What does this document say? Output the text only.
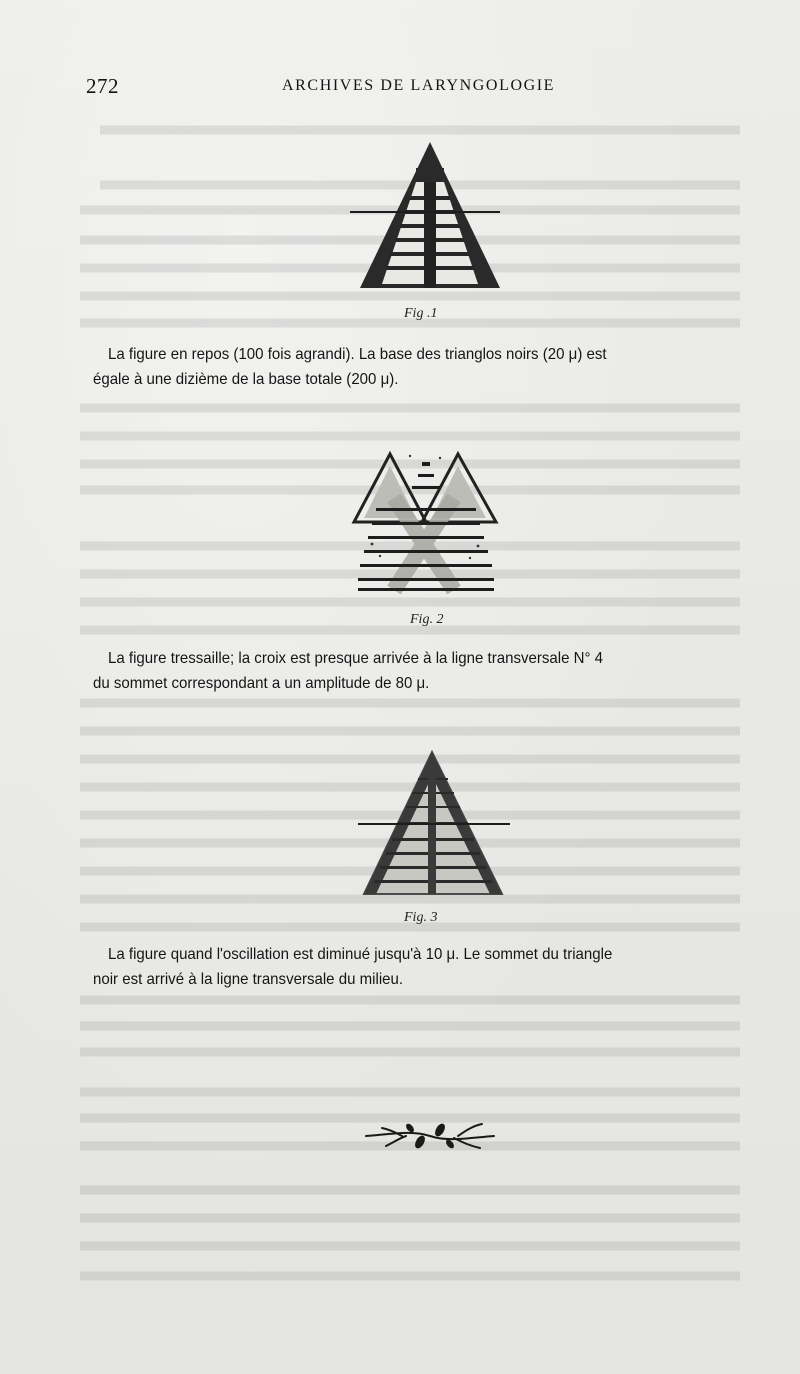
272	ARCHIVES DE LARYNGOLOGIE
Fig .1
La figure en repos (100 fois agrandi). La base des trianglos noirs (20 μ) est
égale à une dizième de la base totale (200 μ).
Fig. 2
La figure tressaille; la croix est presque arrivée à la ligne transversale N° 4
du sommet correspondant a un amplitude de 80 μ.
Fig. 3
La figure quand l'oscillation est diminué jusqu'à 10 μ. Le sommet du triangle
noir est arrivé à la ligne transversale du milieu.
